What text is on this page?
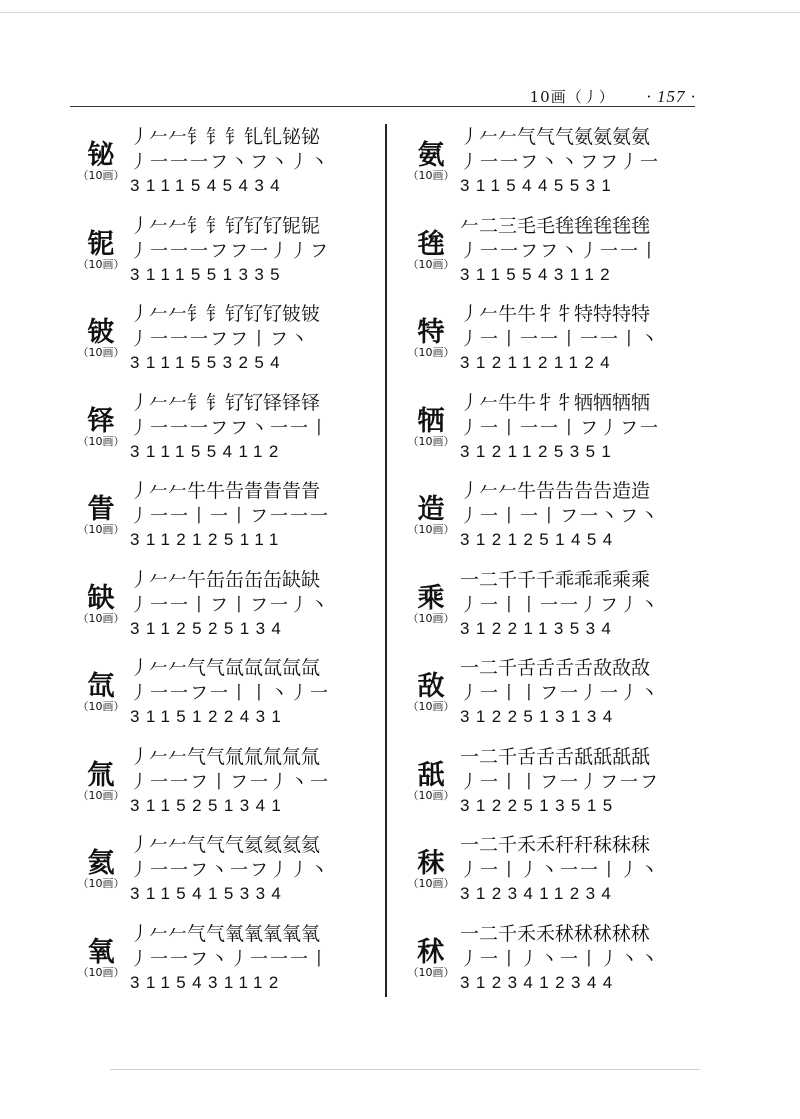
10画（丿） · 157 ·
丿𠂉𠂉钅钅钅钆钆铋铋
铋 丿一一一フ丶フ丶丿丶
（10画）
3111545434
丿𠂉𠂉钅钅钌钌钌铌铌
铌 丿一一一フフ一丿丿フ
（10画）
3111551335
丿𠂉𠂉钅钅钌钌钌铍铍
铍 丿一一一フフ丨フ丶
（10画）
3111553254
丿𠂉𠂉钅钅钌钌铎铎铎
铎 丿一一一フフ丶一一丨
（10画）
3111554112
丿𠂉𠂉牛牛告眚眚眚眚
眚 丿一一丨一丨フ一一一
（10画）
3112125111
丿𠂉𠂉午缶缶缶缶缺缺
缺 丿一一丨フ丨フ一丿丶
（10画）
3112525134
丿𠂉𠂉气气氙氙氙氙氙
氙 丿一一フ一丨丨丶丿一
（10画）
3115122431
丿𠂉𠂉气气氚氚氚氚氚
氚 丿一一フ丨フ一丿丶一
（10画）
3115251341
丿𠂉𠂉气气气氦氦氦氦
氦 丿一一フ丶一フ丿丿丶
（10画）
3115415334
丿𠂉𠂉气气氧氧氧氧氧
氧 丿一一フ丶丿一一一丨
（10画）
3115431112
丿𠂉𠂉气气气氨氨氨氨
氨 丿一一フ丶丶フフ丿一
（10画）
3115445531
𠂉二三毛毛毪毪毪毪毪
毪 丿一一フフ丶丿一一丨
（10画）
3115543112
丿𠂉牛牛牜牜特特特特
特 丿一丨一一丨一一丨丶
（10画）
3121121124
丿𠂉牛牛牜牜牺牺牺牺
牺 丿一丨一一丨フ丿フ一
（10画）
3121125351
丿𠂉𠂉牛告告告告造造
造 丿一丨一丨フ一丶フ丶
（10画）
3121251454
一二千千千乖乖乖乘乘
乘 丿一丨丨一一丿フ丿丶
（10画）
3122113534
一二千舌舌舌舌敌敌敌
敌 丿一丨丨フ一丿一丿丶
（10画）
3122513134
一二千舌舌舌舐舐舐舐
舐 丿一丨丨フ一丿フ一フ
（10画）
3122513515
一二千禾禾秆秆秣秣秣
秣 丿一丨丿丶一一丨丿丶
（10画）
3123411234
一二千禾禾秫秫秫秫秫
秫 丿一丨丿丶一丨丿丶丶
（10画）
3123412344
